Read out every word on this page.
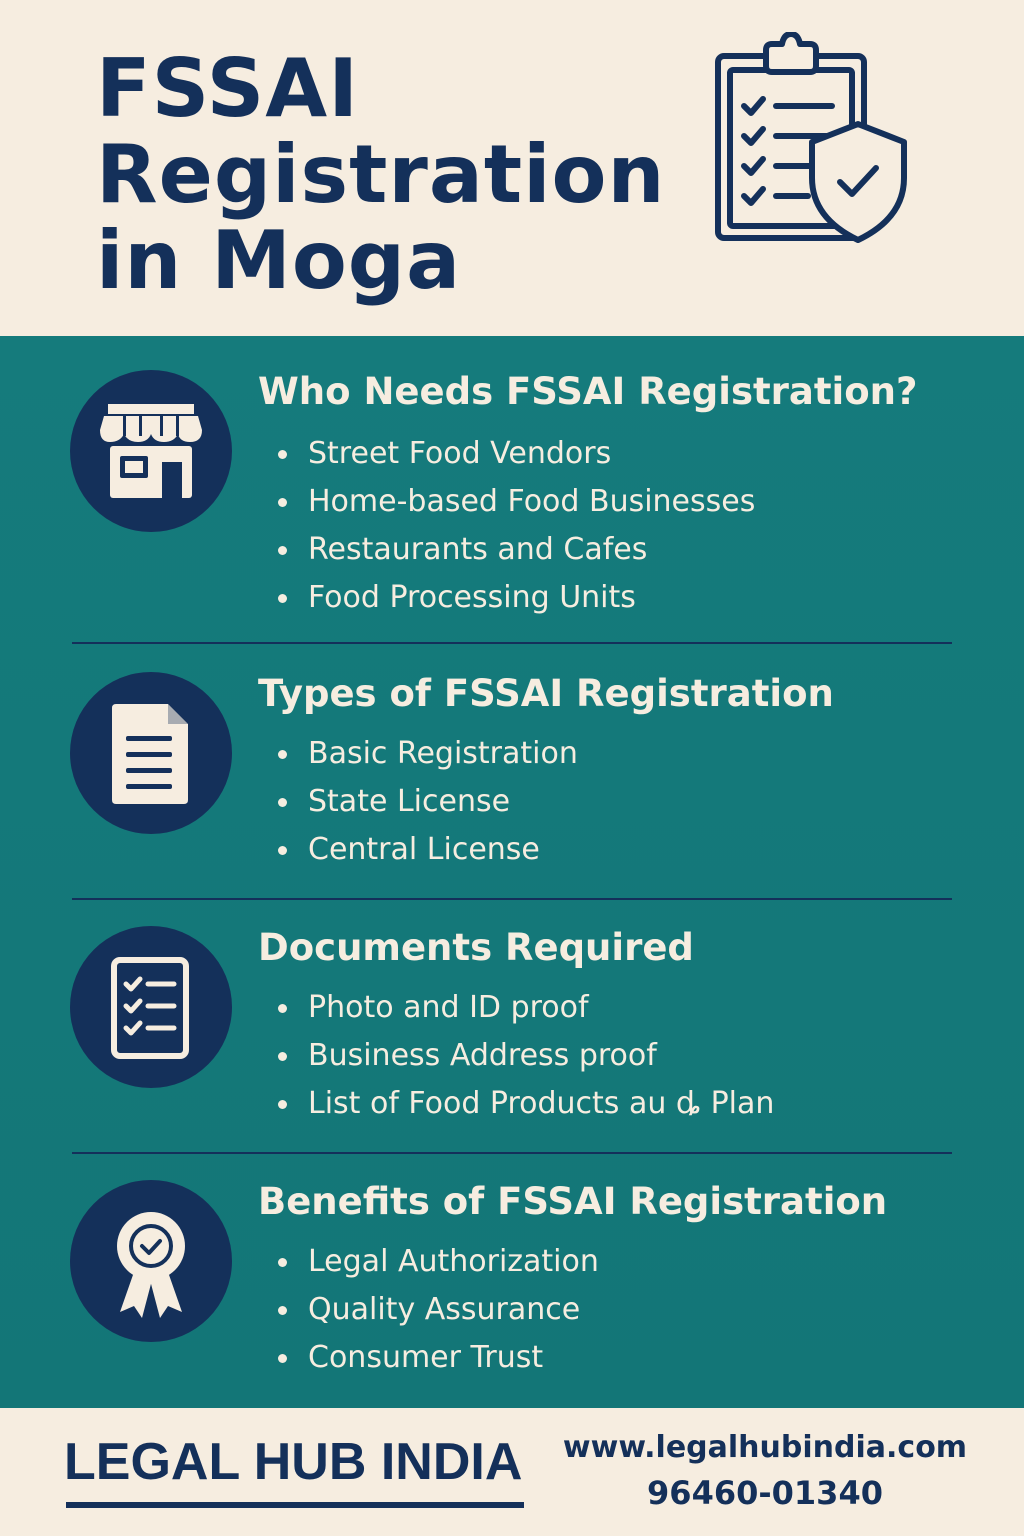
FSSAI
Registration
in Moga
Who Needs FSSAI Registration?
Street Food Vendors
Home-based Food Businesses
Restaurants and Cafes
Food Processing Units
Types of FSSAI Registration
Basic Registration
State License
Central License
Documents Required
Photo and ID proof
Business Address proof
List of Food Products au ȡ Plan
Benefits of FSSAI Registration
Legal Authorization
Quality Assurance
Consumer Trust
LEGAL HUB INDIA www.legalhubindia.com
96460-01340
